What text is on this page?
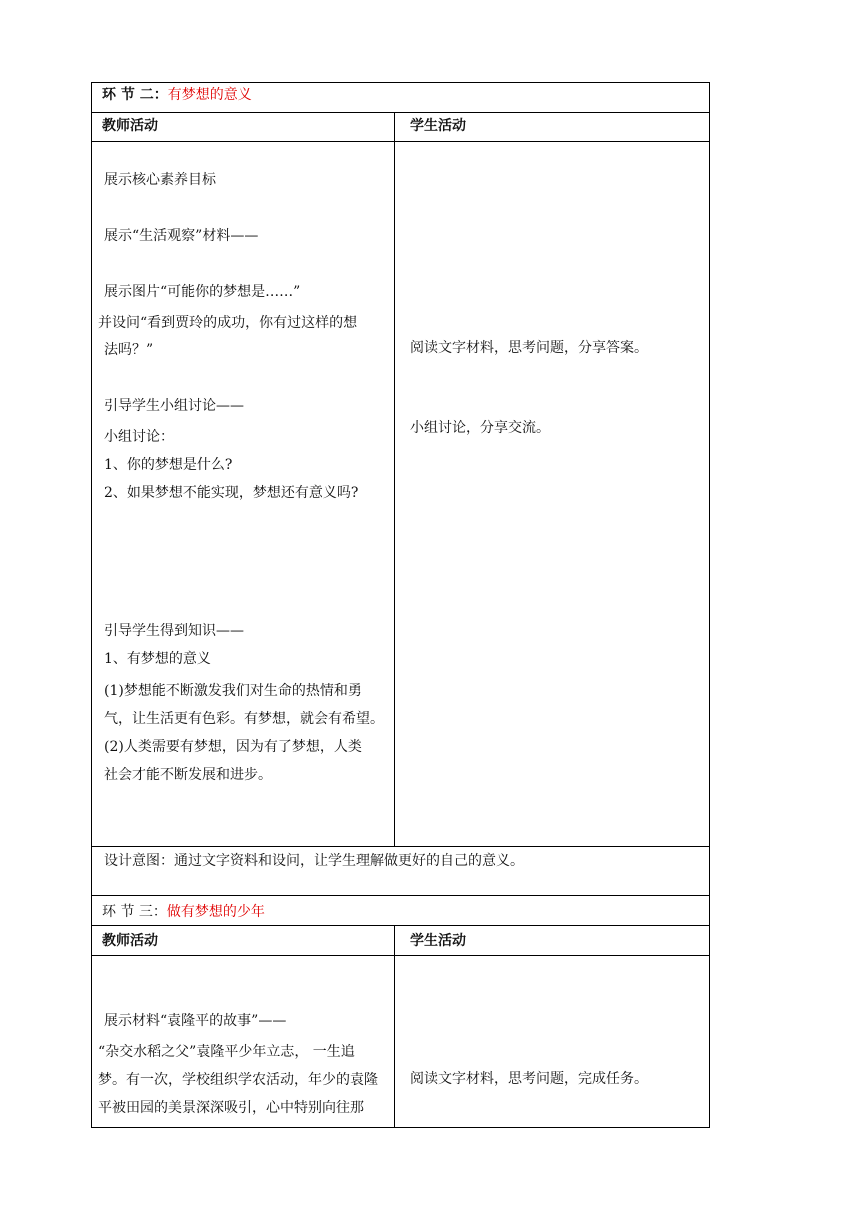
环 节 二：有梦想的意义
教师活动	学生活动
展示核心素养目标
展示“生活观察”材料——
展示图片“可能你的梦想是……”
并设问“看到贾玲的成功，你有过这样的想
法吗？”
引导学生小组讨论——
小组讨论：
1、你的梦想是什么?
2、如果梦想不能实现，梦想还有意义吗?
引导学生得到知识——
1、有梦想的意义
(1)梦想能不断激发我们对生命的热情和勇
气，让生活更有色彩。有梦想，就会有希望。
(2)人类需要有梦想，因为有了梦想，人类
社会才能不断发展和进步。
阅读文字材料，思考问题，分享答案。
小组讨论，分享交流。
设计意图：通过文字资料和设问，让学生理解做更好的自己的意义。
环 节 三：做有梦想的少年
教师活动	学生活动
展示材料“袁隆平的故事”——
“杂交水稻之父”袁隆平少年立志， 一生追
梦。有一次，学校组织学农活动，年少的袁隆
平被田园的美景深深吸引，心中特别向往那
阅读文字材料，思考问题，完成任务。
